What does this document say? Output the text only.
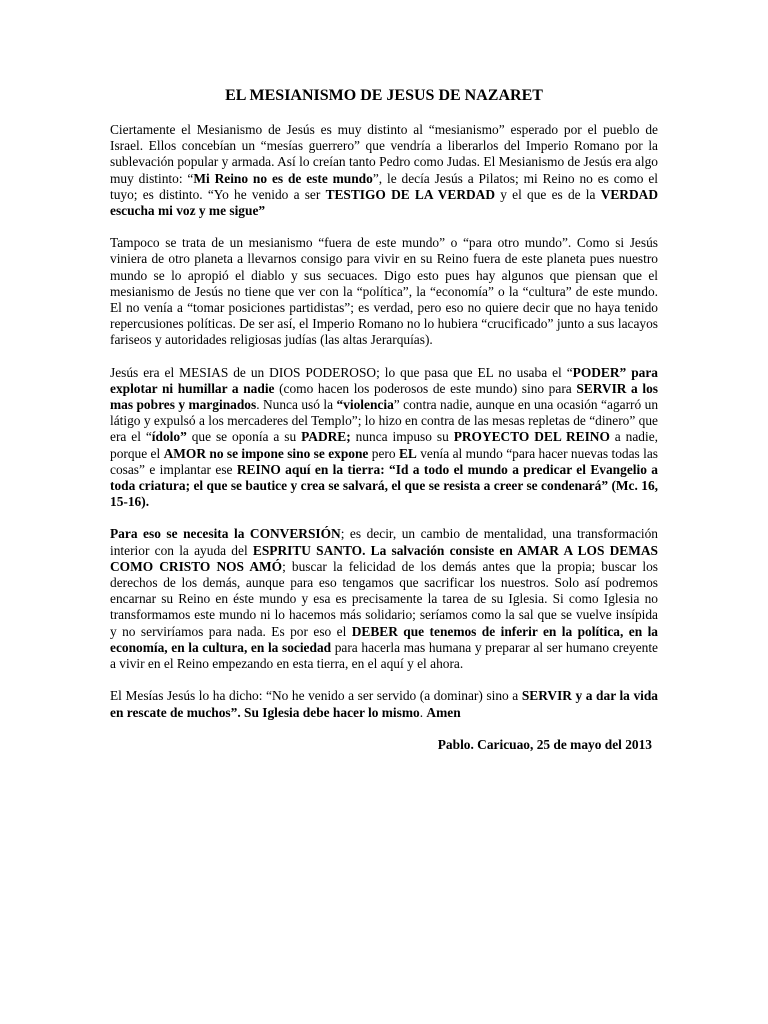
EL MESIANISMO DE JESUS DE NAZARET
Ciertamente el Mesianismo de Jesús es muy distinto al “mesianismo” esperado por el pueblo de Israel. Ellos concebían un “mesías guerrero” que vendría a liberarlos del Imperio Romano por la sublevación popular y armada. Así lo creían tanto Pedro como Judas. El Mesianismo de Jesús era algo muy distinto: “Mi Reino no es de este mundo”, le decía Jesús a Pilatos; mi Reino no es como el tuyo; es distinto. “Yo he venido a ser TESTIGO DE LA VERDAD y el que es de la VERDAD escucha mi voz y me sigue”
Tampoco se trata de un mesianismo “fuera de este mundo” o “para otro mundo”. Como si Jesús viniera de otro planeta a llevarnos consigo para vivir en su Reino fuera de este planeta pues nuestro mundo se lo apropió el diablo y sus secuaces. Digo esto pues hay algunos que piensan que el mesianismo de Jesús no tiene que ver con la “política”, la “economía” o la “cultura” de este mundo. El no venía a “tomar posiciones partidistas”; es verdad, pero eso no quiere decir que no haya tenido repercusiones políticas. De ser así, el Imperio Romano no lo hubiera “crucificado” junto a sus lacayos fariseos y autoridades religiosas judías (las altas Jerarquías).
Jesús era el MESIAS de un DIOS PODEROSO; lo que pasa que EL no usaba el “PODER” para explotar ni humillar a nadie (como hacen los poderosos de este mundo) sino para SERVIR a los mas pobres y marginados. Nunca usó la “violencia” contra nadie, aunque en una ocasión “agarró un látigo y expulsó a los mercaderes del Templo”; lo hizo en contra de las mesas repletas de “dinero” que era el “ídolo” que se oponía a su PADRE; nunca impuso su PROYECTO DEL REINO a nadie, porque el AMOR no se impone sino se expone pero EL venía al mundo “para hacer nuevas todas las cosas” e implantar ese REINO aquí en la tierra: “Id a todo el mundo a predicar el Evangelio a toda criatura; el que se bautice y crea se salvará, el que se resista a creer se condenará” (Mc. 16, 15-16).
Para eso se necesita la CONVERSIÓN; es decir, un cambio de mentalidad, una transformación interior con la ayuda del ESPRITU SANTO. La salvación consiste en AMAR A LOS DEMAS COMO CRISTO NOS AMÓ; buscar la felicidad de los demás antes que la propia; buscar los derechos de los demás, aunque para eso tengamos que sacrificar los nuestros. Solo así podremos encarnar su Reino en éste mundo y esa es precisamente la tarea de su Iglesia. Si como Iglesia no transformamos este mundo ni lo hacemos más solidario; seríamos como la sal que se vuelve insípida y no serviríamos para nada. Es por eso el DEBER que tenemos de inferir en la política, en la economía, en la cultura, en la sociedad para hacerla mas humana y preparar al ser humano creyente a vivir en el Reino empezando en esta tierra, en el aquí y el ahora.
El Mesías Jesús lo ha dicho: “No he venido a ser servido (a dominar) sino a SERVIR y a dar la vida en rescate de muchos”. Su Iglesia debe hacer lo mismo. Amen
Pablo. Caricuao, 25 de mayo del 2013
